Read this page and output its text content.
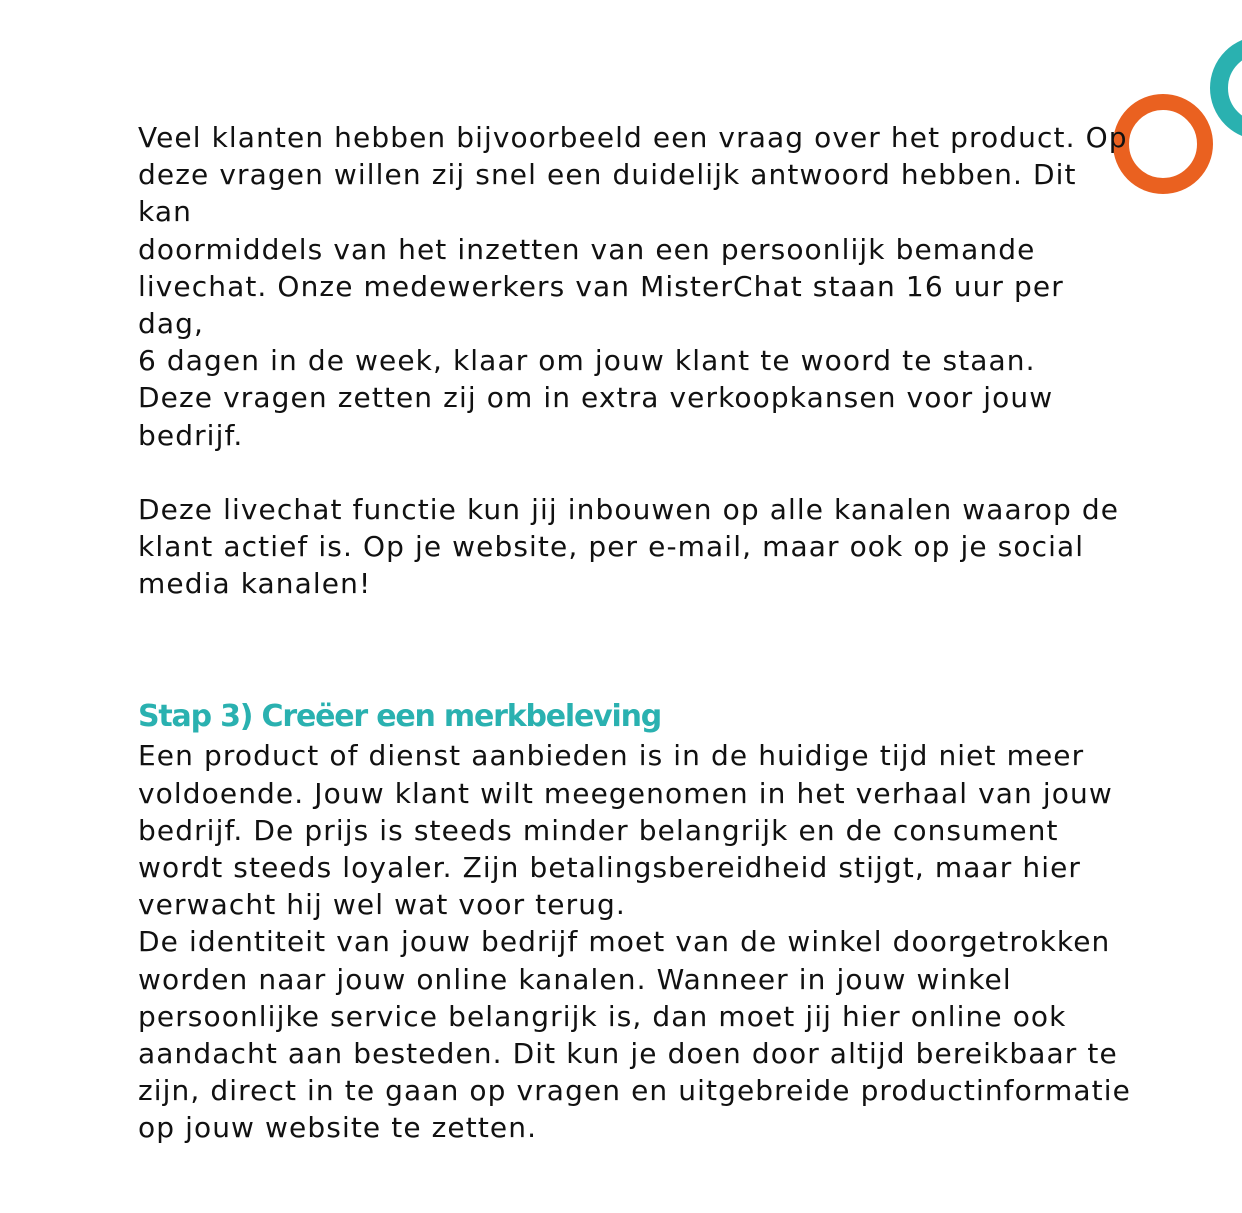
Veel klanten hebben bijvoorbeeld een vraag over het product. Op
deze vragen willen zij snel een duidelijk antwoord hebben. Dit kan
doormiddels van het inzetten van een persoonlijk bemande
livechat. Onze medewerkers van MisterChat staan 16 uur per dag,
6 dagen in de week, klaar om jouw klant te woord te staan.
Deze vragen zetten zij om in extra verkoopkansen voor jouw
bedrijf.

Deze livechat functie kun jij inbouwen op alle kanalen waarop de
klant actief is. Op je website, per e-mail, maar ook op je social
media kanalen!

Stap 3) Creëer een merkbeleving

Een product of dienst aanbieden is in de huidige tijd niet meer
voldoende. Jouw klant wilt meegenomen in het verhaal van jouw
bedrijf. De prijs is steeds minder belangrijk en de consument
wordt steeds loyaler. Zijn betalingsbereidheid stijgt, maar hier
verwacht hij wel wat voor terug.
De identiteit van jouw bedrijf moet van de winkel doorgetrokken
worden naar jouw online kanalen. Wanneer in jouw winkel
persoonlijke service belangrijk is, dan moet jij hier online ook
aandacht aan besteden. Dit kun je doen door altijd bereikbaar te
zijn, direct in te gaan op vragen en uitgebreide productinformatie
op jouw website te zetten.
